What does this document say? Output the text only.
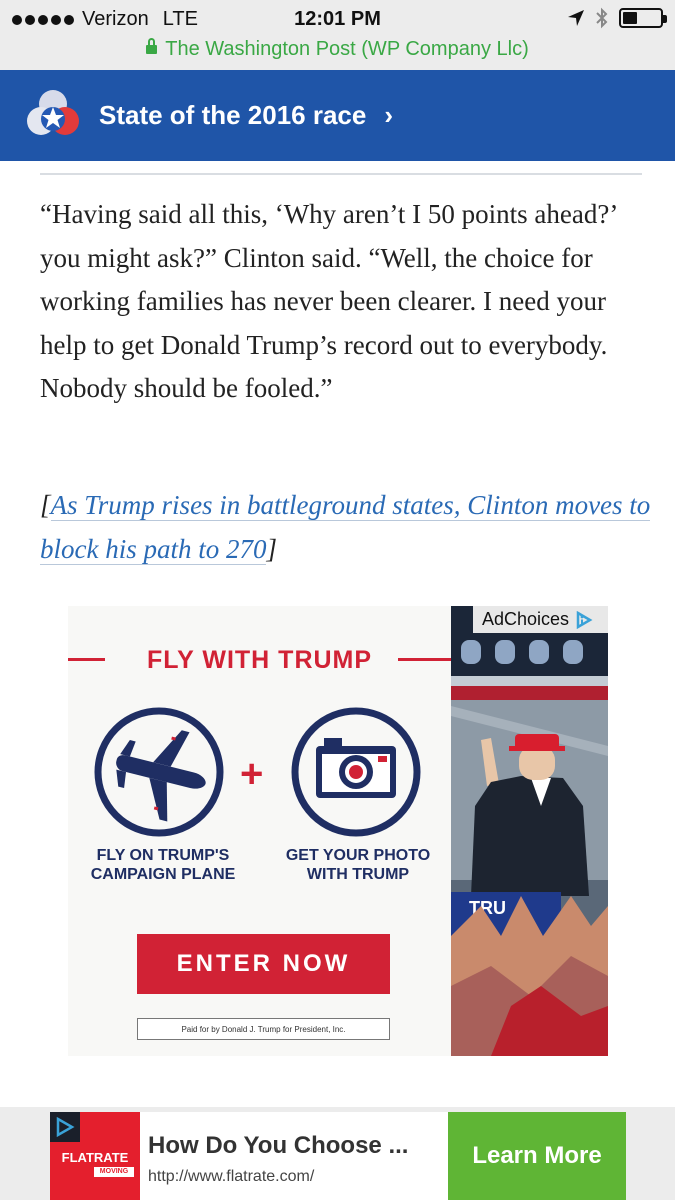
Verizon LTE	12:01 PM
The Washington Post (WP Company Llc)
State of the 2016 race ›

“Having said all this, ‘Why aren’t I 50 points ahead?’ you might ask?” Clinton said. “Well, the choice for working families has never been clearer. I need your help to get Donald Trump’s record out to everybody. Nobody should be fooled.”

[As Trump rises in battleground states, Clinton moves to block his path to 270]

FLY WITH TRUMP
+
FLY ON TRUMP'S
CAMPAIGN PLANE
GET YOUR PHOTO
WITH TRUMP
ENTER NOW
Paid for by Donald J. Trump for President, Inc.
TRU
AdChoices
FLATRATE
MOVING
How Do You Choose ...
http://www.flatrate.com/
Learn More
